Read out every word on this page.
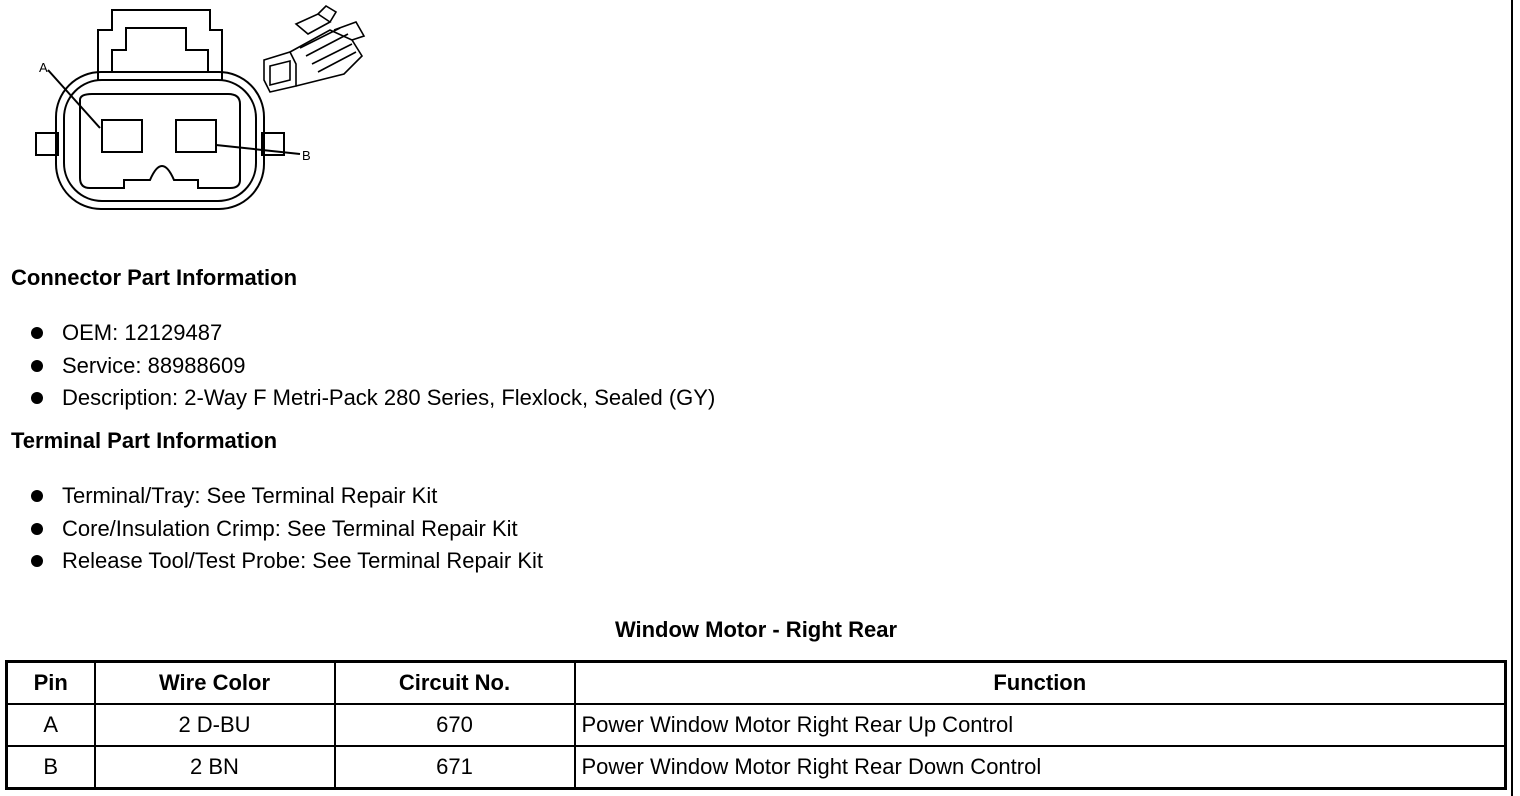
A
B
Connector Part Information
OEM: 12129487
Service: 88988609
Description: 2-Way F Metri-Pack 280 Series, Flexlock, Sealed (GY)
Terminal Part Information
Terminal/Tray: See Terminal Repair Kit
Core/Insulation Crimp: See Terminal Repair Kit
Release Tool/Test Probe: See Terminal Repair Kit
Window Motor - Right Rear
Pin	Wire Color	Circuit No.	Function
A	2 D-BU	670	Power Window Motor Right Rear Up Control
B	2 BN	671	Power Window Motor Right Rear Down Control
